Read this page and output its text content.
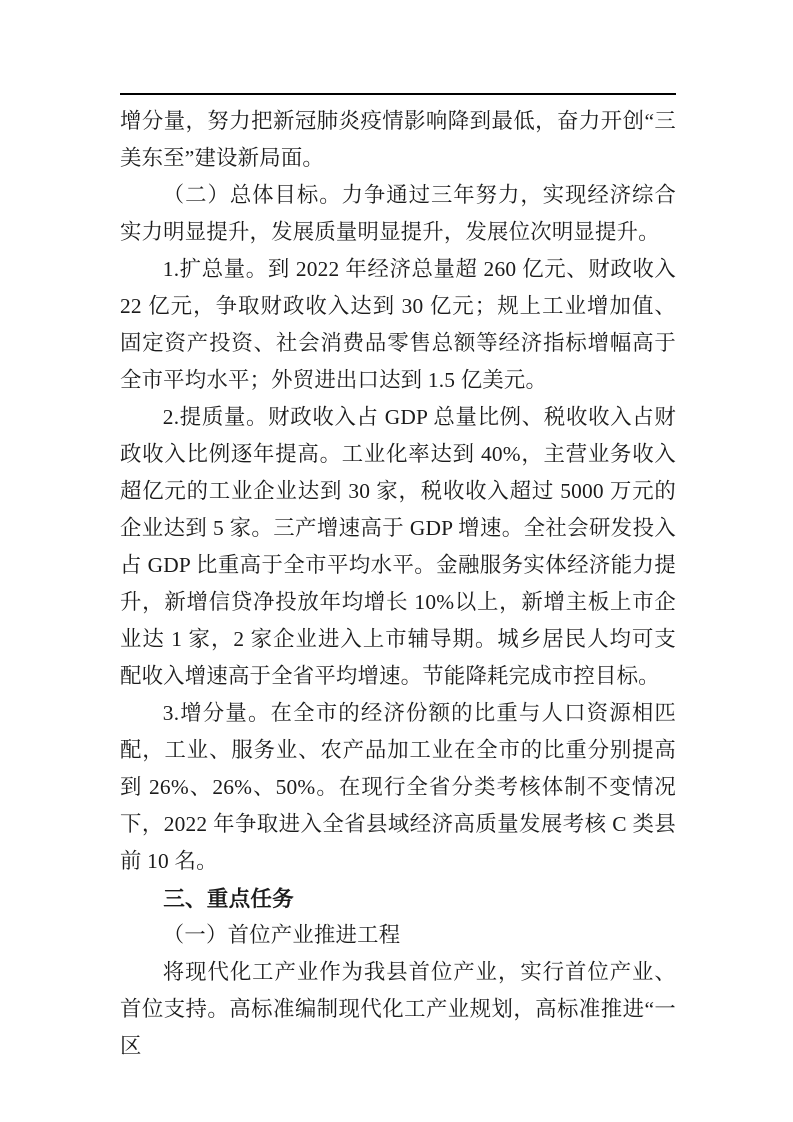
增分量，努力把新冠肺炎疫情影响降到最低，奋力开创“三美东至”建设新局面。

（二）总体目标。力争通过三年努力，实现经济综合实力明显提升，发展质量明显提升，发展位次明显提升。

1.扩总量。到 2022 年经济总量超 260 亿元、财政收入 22 亿元，争取财政收入达到 30 亿元；规上工业增加值、固定资产投资、社会消费品零售总额等经济指标增幅高于全市平均水平；外贸进出口达到 1.5 亿美元。

2.提质量。财政收入占 GDP 总量比例、税收收入占财政收入比例逐年提高。工业化率达到 40%，主营业务收入超亿元的工业企业达到 30 家，税收收入超过 5000 万元的企业达到 5 家。三产增速高于 GDP 增速。全社会研发投入占 GDP 比重高于全市平均水平。金融服务实体经济能力提升，新增信贷净投放年均增长 10%以上，新增主板上市企业达 1 家，2 家企业进入上市辅导期。城乡居民人均可支配收入增速高于全省平均增速。节能降耗完成市控目标。

3.增分量。在全市的经济份额的比重与人口资源相匹配，工业、服务业、农产品加工业在全市的比重分别提高到 26%、26%、50%。在现行全省分类考核体制不变情况下，2022 年争取进入全省县域经济高质量发展考核 C 类县前 10 名。

三、重点任务
（一）首位产业推进工程

将现代化工产业作为我县首位产业，实行首位产业、首位支持。高标准编制现代化工产业规划，高标准推进“一区
